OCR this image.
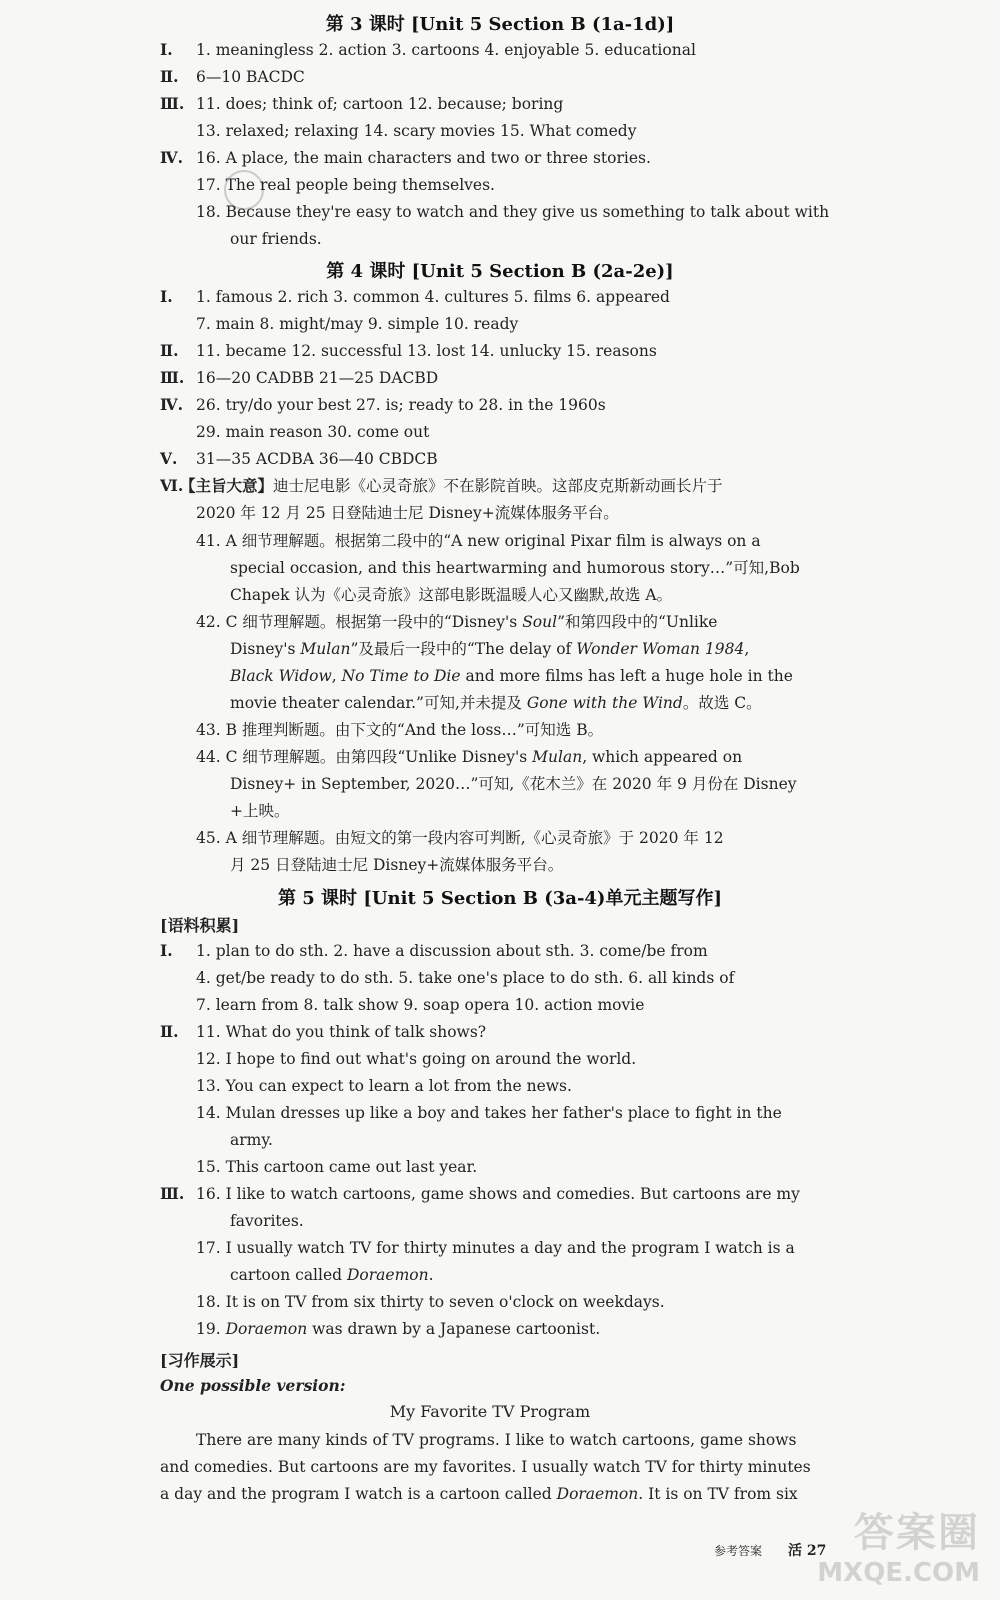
第 3 课时 [Unit 5 Section B (1a-1d)]
Ⅰ. 1. meaningless 2. action 3. cartoons 4. enjoyable 5. educational
Ⅱ. 6—10 BACDC
Ⅲ. 11. does; think of; cartoon 12. because; boring
13. relaxed; relaxing 14. scary movies 15. What comedy
Ⅳ. 16. A place, the main characters and two or three stories.
17. The real people being themselves.
18. Because they're easy to watch and they give us something to talk about with
our friends.
第 4 课时 [Unit 5 Section B (2a-2e)]
Ⅰ. 1. famous 2. rich 3. common 4. cultures 5. films 6. appeared
7. main 8. might/may 9. simple 10. ready
Ⅱ. 11. became 12. successful 13. lost 14. unlucky 15. reasons
Ⅲ. 16—20 CADBB 21—25 DACBD
Ⅳ. 26. try/do your best 27. is; ready to 28. in the 1960s
29. main reason 30. come out
Ⅴ. 31—35 ACDBA 36—40 CBDCB
Ⅵ.
【主旨大意】迪士尼电影《心灵奇旅》不在影院首映。这部皮克斯新动画长片于
2020 年 12 月 25 日登陆迪士尼 Disney+流媒体服务平台。
41. A 细节理解题。根据第二段中的“A new original Pixar film is always on a
special occasion, and this heartwarming and humorous story…”可知,Bob
Chapek 认为《心灵奇旅》这部电影既温暖人心又幽默,故选 A。
42. C 细节理解题。根据第一段中的“Disney's Soul”和第四段中的“Unlike
Disney's Mulan”及最后一段中的“The delay of Wonder Woman 1984,
Black Widow, No Time to Die and more films has left a huge hole in the
movie theater calendar.”可知,并未提及 Gone with the Wind。故选 C。
43. B 推理判断题。由下文的“And the loss…”可知选 B。
44. C 细节理解题。由第四段“Unlike Disney's Mulan, which appeared on
Disney+ in September, 2020…”可知,《花木兰》在 2020 年 9 月份在 Disney
+上映。
45. A 细节理解题。由短文的第一段内容可判断,《心灵奇旅》于 2020 年 12
月 25 日登陆迪士尼 Disney+流媒体服务平台。
第 5 课时 [Unit 5 Section B (3a-4)单元主题写作]
[语料积累]
Ⅰ. 1. plan to do sth. 2. have a discussion about sth. 3. come/be from
4. get/be ready to do sth. 5. take one's place to do sth. 6. all kinds of
7. learn from 8. talk show 9. soap opera 10. action movie
Ⅱ. 11. What do you think of talk shows?
12. I hope to find out what's going on around the world.
13. You can expect to learn a lot from the news.
14. Mulan dresses up like a boy and takes her father's place to fight in the
army.
15. This cartoon came out last year.
Ⅲ. 16. I like to watch cartoons, game shows and comedies. But cartoons are my
favorites.
17. I usually watch TV for thirty minutes a day and the program I watch is a
cartoon called Doraemon.
18. It is on TV from six thirty to seven o'clock on weekdays.
19. Doraemon was drawn by a Japanese cartoonist.
[习作展示]
One possible version:
My Favorite TV Program
There are many kinds of TV programs. I like to watch cartoons, game shows
and comedies. But cartoons are my favorites. I usually watch TV for thirty minutes
a day and the program I watch is a cartoon called Doraemon. It is on TV from six
参考答案 活 27 答案圈
MXQE.COM
